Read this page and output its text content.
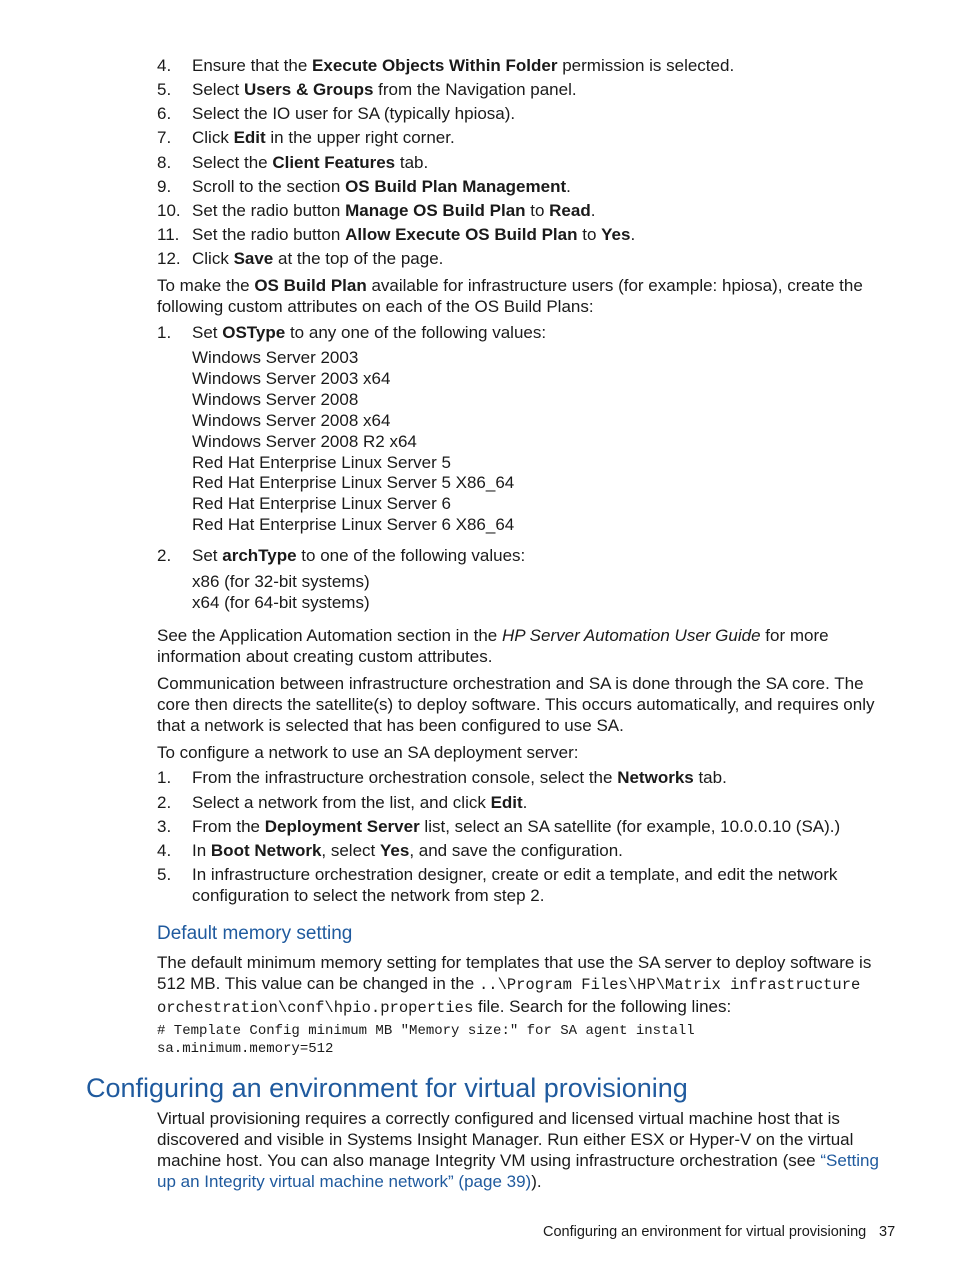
4. Ensure that the Execute Objects Within Folder permission is selected.
5. Select Users & Groups from the Navigation panel.
6. Select the IO user for SA (typically hpiosa).
7. Click Edit in the upper right corner.
8. Select the Client Features tab.
9. Scroll to the section OS Build Plan Management.
10. Set the radio button Manage OS Build Plan to Read.
11. Set the radio button Allow Execute OS Build Plan to Yes.
12. Click Save at the top of the page.
To make the OS Build Plan available for infrastructure users (for example: hpiosa), create the following custom attributes on each of the OS Build Plans:
1. Set OSType to any one of the following values:
Windows Server 2003
Windows Server 2003 x64
Windows Server 2008
Windows Server 2008 x64
Windows Server 2008 R2 x64
Red Hat Enterprise Linux Server 5
Red Hat Enterprise Linux Server 5 X86_64
Red Hat Enterprise Linux Server 6
Red Hat Enterprise Linux Server 6 X86_64
2. Set archType to one of the following values:
x86 (for 32-bit systems)
x64 (for 64-bit systems)
See the Application Automation section in the HP Server Automation User Guide for more information about creating custom attributes.
Communication between infrastructure orchestration and SA is done through the SA core. The core then directs the satellite(s) to deploy software. This occurs automatically, and requires only that a network is selected that has been configured to use SA.
To configure a network to use an SA deployment server:
1. From the infrastructure orchestration console, select the Networks tab.
2. Select a network from the list, and click Edit.
3. From the Deployment Server list, select an SA satellite (for example, 10.0.0.10 (SA).)
4. In Boot Network, select Yes, and save the configuration.
5. In infrastructure orchestration designer, create or edit a template, and edit the network
configuration to select the network from step 2.
Default memory setting
The default minimum memory setting for templates that use the SA server to deploy software is 512 MB. This value can be changed in the ..\Program Files\HP\Matrix infrastructure orchestration\conf\hpio.properties file. Search for the following lines:
# Template Config minimum MB "Memory size:" for SA agent install
sa.minimum.memory=512
Configuring an environment for virtual provisioning
Virtual provisioning requires a correctly configured and licensed virtual machine host that is discovered and visible in Systems Insight Manager. Run either ESX or Hyper-V on the virtual machine host. You can also manage Integrity VM using infrastructure orchestration (see “Setting up an Integrity virtual machine network” (page 39)).
Configuring an environment for virtual provisioning 37
